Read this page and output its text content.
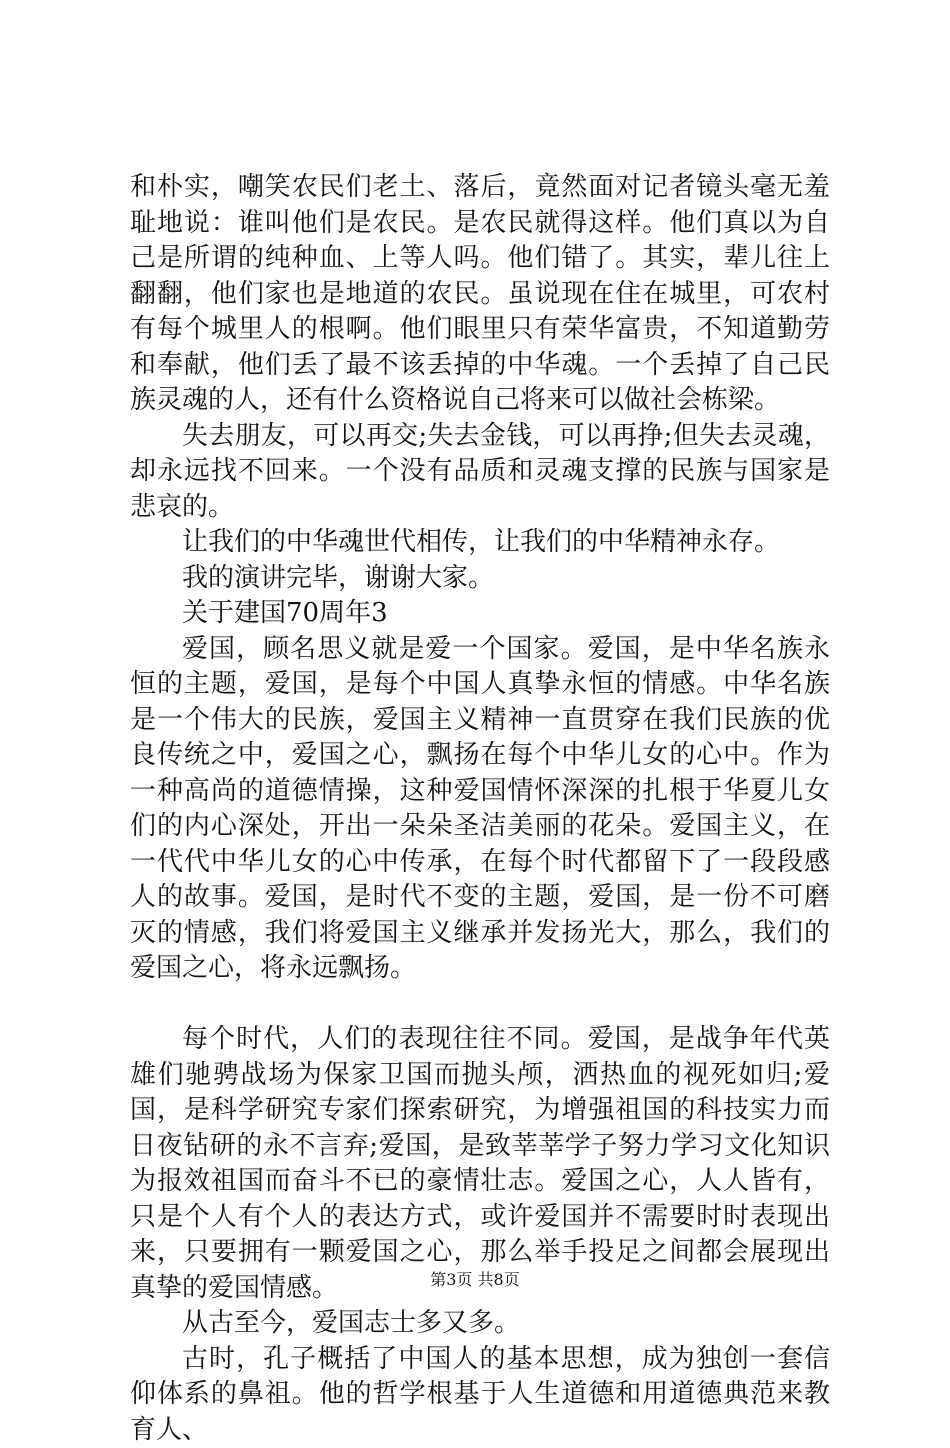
和朴实，嘲笑农民们老土、落后，竟然面对记者镜头毫无羞耻地说：谁叫他们是农民。是农民就得这样。他们真以为自己是所谓的纯种血、上等人吗。他们错了。其实，辈儿往上翻翻，他们家也是地道的农民。虽说现在住在城里，可农村有每个城里人的根啊。他们眼里只有荣华富贵，不知道勤劳和奉献，他们丢了最不该丢掉的中华魂。一个丢掉了自己民族灵魂的人，还有什么资格说自己将来可以做社会栋梁。

失去朋友，可以再交;失去金钱，可以再挣;但失去灵魂，却永远找不回来。一个没有品质和灵魂支撑的民族与国家是悲哀的。

让我们的中华魂世代相传，让我们的中华精神永存。

我的演讲完毕，谢谢大家。

关于建国70周年3

爱国，顾名思义就是爱一个国家。爱国，是中华名族永恒的主题，爱国，是每个中国人真挚永恒的情感。中华名族是一个伟大的民族，爱国主义精神一直贯穿在我们民族的优良传统之中，爱国之心，飘扬在每个中华儿女的心中。作为一种高尚的道德情操，这种爱国情怀深深的扎根于华夏儿女们的内心深处，开出一朵朵圣洁美丽的花朵。爱国主义，在一代代中华儿女的心中传承，在每个时代都留下了一段段感人的故事。爱国，是时代不变的主题，爱国，是一份不可磨灭的情感，我们将爱国主义继承并发扬光大，那么，我们的爱国之心，将永远飘扬。

每个时代，人们的表现往往不同。爱国，是战争年代英雄们驰骋战场为保家卫国而抛头颅，洒热血的视死如归;爱国，是科学研究专家们探索研究，为增强祖国的科技实力而日夜钻研的永不言弃;爱国，是致莘莘学子努力学习文化知识为报效祖国而奋斗不已的豪情壮志。爱国之心，人人皆有，只是个人有个人的表达方式，或许爱国并不需要时时表现出来，只要拥有一颗爱国之心，那么举手投足之间都会展现出真挚的爱国情感。

从古至今，爱国志士多又多。

古时，孔子概括了中国人的基本思想，成为独创一套信仰体系的鼻祖。他的哲学根基于人生道德和用道德典范来教育人、

第3页 共8页
